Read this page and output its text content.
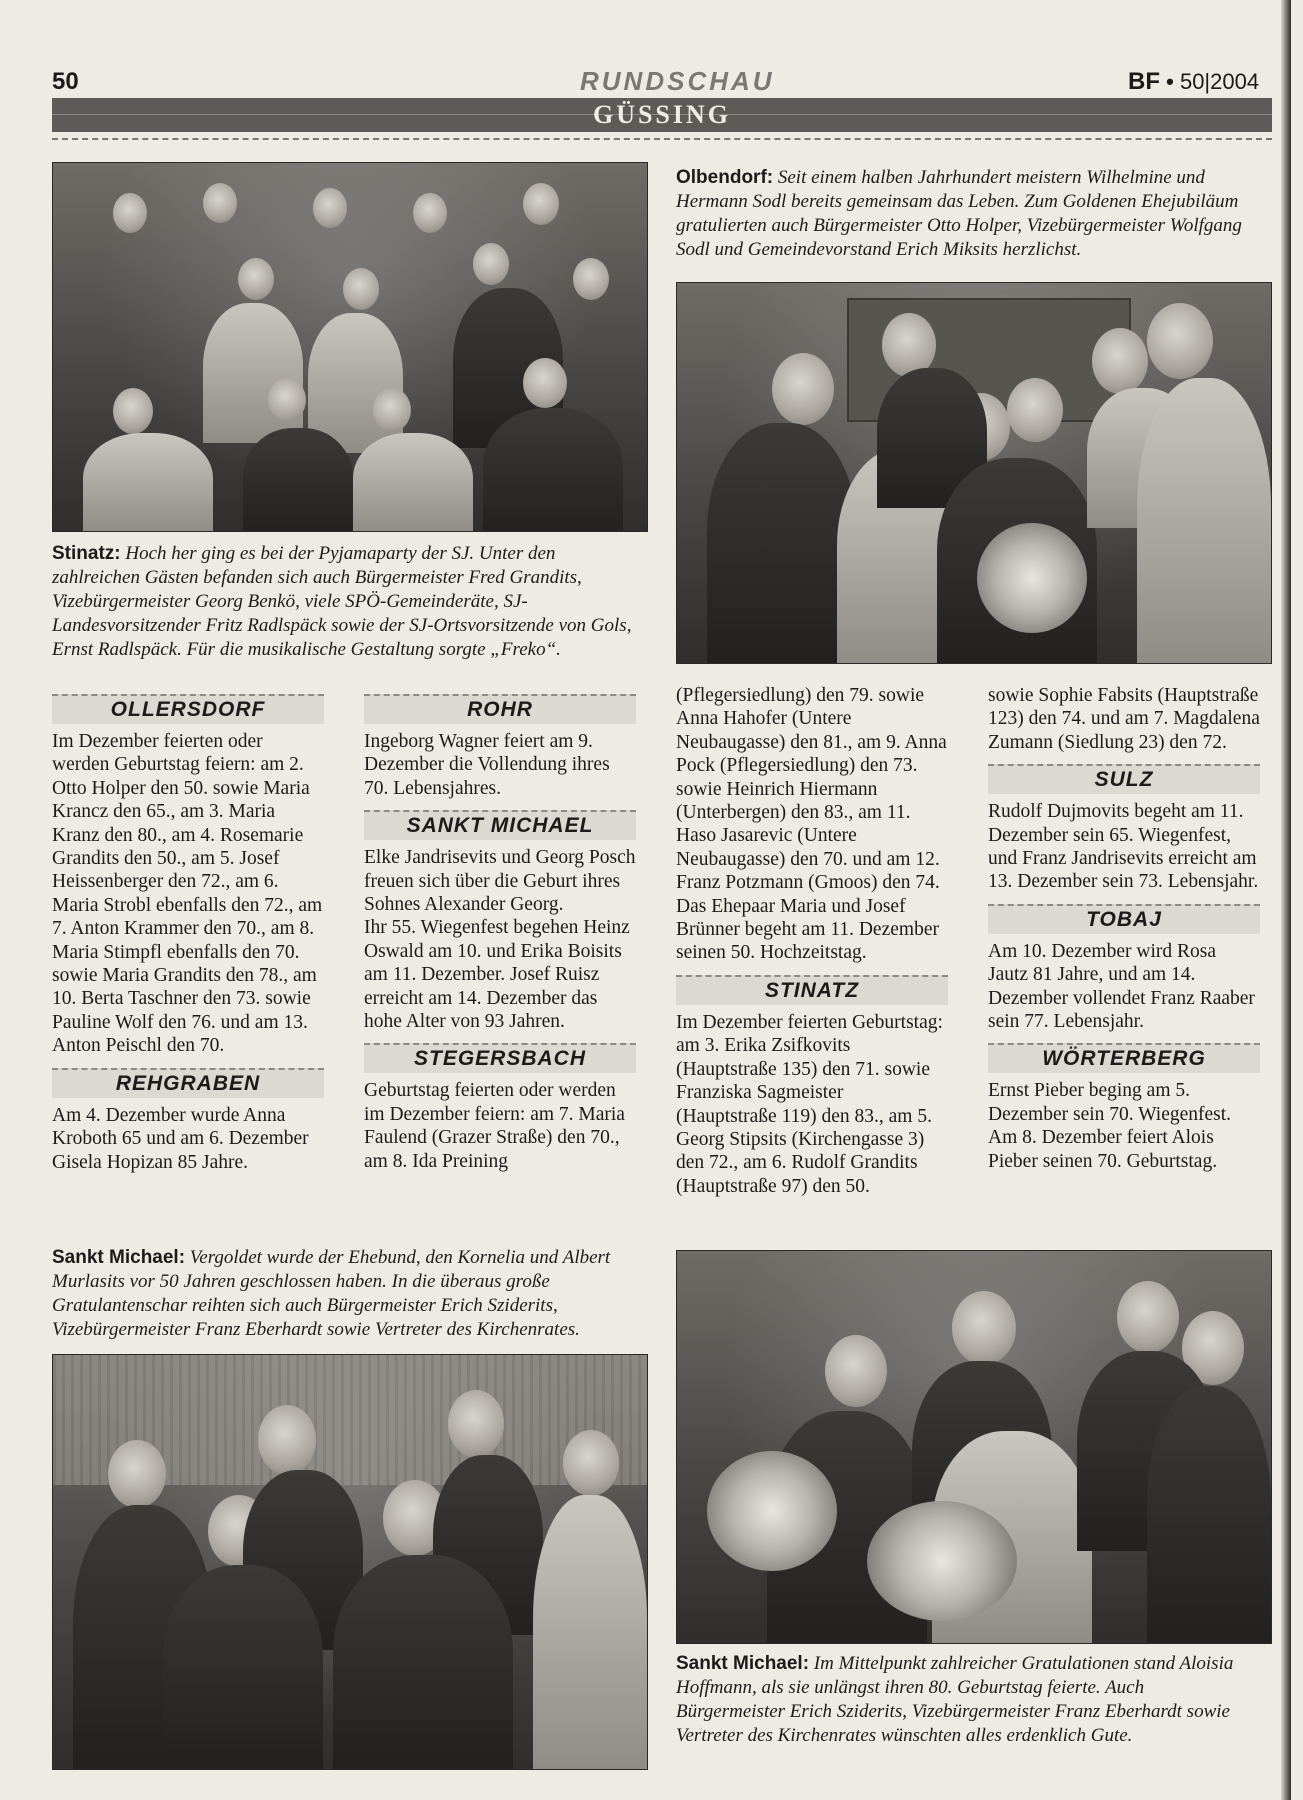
50	RUNDSCHAU	BF • 50|2004
GÜSSING
Stinatz: Hoch her ging es bei der Pyjamaparty der SJ. Unter den zahlreichen Gästen befanden sich auch Bürgermeister Fred Grandits, Vizebürgermeister Georg Benkö, viele SPÖ-Gemeinderäte, SJ-Landesvorsitzender Fritz Radlspäck sowie der SJ-Ortsvorsitzende von Gols, Ernst Radlspäck. Für die musikalische Gestaltung sorgte „Freko“.
Olbendorf: Seit einem halben Jahrhundert meistern Wilhelmine und Hermann Sodl bereits gemeinsam das Leben. Zum Goldenen Ehejubiläum gratulierten auch Bürgermeister Otto Holper, Vizebürgermeister Wolfgang Sodl und Gemeindevorstand Erich Miksits herzlichst.
OLLERSDORF

Im Dezember feierten oder werden Geburtstag feiern: am 2. Otto Holper den 50. sowie Maria Krancz den 65., am 3. Maria Kranz den 80., am 4. Rosemarie Grandits den 50., am 5. Josef Heissenberger den 72., am 6. Maria Strobl ebenfalls den 72., am 7. Anton Krammer den 70., am 8. Maria Stimpfl ebenfalls den 70. sowie Maria Grandits den 78., am 10. Berta Taschner den 73. sowie Pauline Wolf den 76. und am 13. Anton Peischl den 70.

REHGRABEN

Am 4. Dezember wurde Anna Kroboth 65 und am 6. Dezember Gisela Hopizan 85 Jahre.

ROHR

Ingeborg Wagner feiert am 9. Dezember die Vollendung ihres 70. Lebensjahres.

SANKT MICHAEL

Elke Jandrisevits und Georg Posch freuen sich über die Geburt ihres Sohnes Alexander Georg.

Ihr 55. Wiegenfest begehen Heinz Oswald am 10. und Erika Boisits am 11. Dezember. Josef Ruisz erreicht am 14. Dezember das hohe Alter von 93 Jahren.

STEGERSBACH

Geburtstag feierten oder werden im Dezember feiern: am 7. Maria Faulend (Grazer Straße) den 70., am 8. Ida Preining

(Pflegersiedlung) den 79. sowie Anna Hahofer (Untere Neubaugasse) den 81., am 9. Anna Pock (Pflegersiedlung) den 73. sowie Heinrich Hiermann (Unterbergen) den 83., am 11. Haso Jasarevic (Untere Neubaugasse) den 70. und am 12. Franz Potzmann (Gmoos) den 74.

Das Ehepaar Maria und Josef Brünner begeht am 11. Dezember seinen 50. Hochzeitstag.

STINATZ

Im Dezember feierten Geburtstag: am 3. Erika Zsifkovits (Hauptstraße 135) den 71. sowie Franziska Sagmeister (Hauptstraße 119) den 83., am 5. Georg Stipsits (Kirchengasse 3) den 72., am 6. Rudolf Grandits (Hauptstraße 97) den 50.

sowie Sophie Fabsits (Hauptstraße 123) den 74. und am 7. Magdalena Zumann (Siedlung 23) den 72.

SULZ

Rudolf Dujmovits begeht am 11. Dezember sein 65. Wiegenfest, und Franz Jandrisevits erreicht am 13. Dezember sein 73. Lebensjahr.

TOBAJ

Am 10. Dezember wird Rosa Jautz 81 Jahre, und am 14. Dezember vollendet Franz Raaber sein 77. Lebensjahr.

WÖRTERBERG

Ernst Pieber beging am 5. Dezember sein 70. Wiegenfest. Am 8. Dezember feiert Alois Pieber seinen 70. Geburtstag.

Sankt Michael: Vergoldet wurde der Ehebund, den Kornelia und Albert Murlasits vor 50 Jahren geschlossen haben. In die überaus große Gratulantenschar reihten sich auch Bürgermeister Erich Sziderits, Vizebürgermeister Franz Eberhardt sowie Vertreter des Kirchenrates.
Sankt Michael: Im Mittelpunkt zahlreicher Gratulationen stand Aloisia Hoffmann, als sie unlängst ihren 80. Geburtstag feierte. Auch Bürgermeister Erich Sziderits, Vizebürgermeister Franz Eberhardt sowie Vertreter des Kirchenrates wünschten alles erdenklich Gute.
